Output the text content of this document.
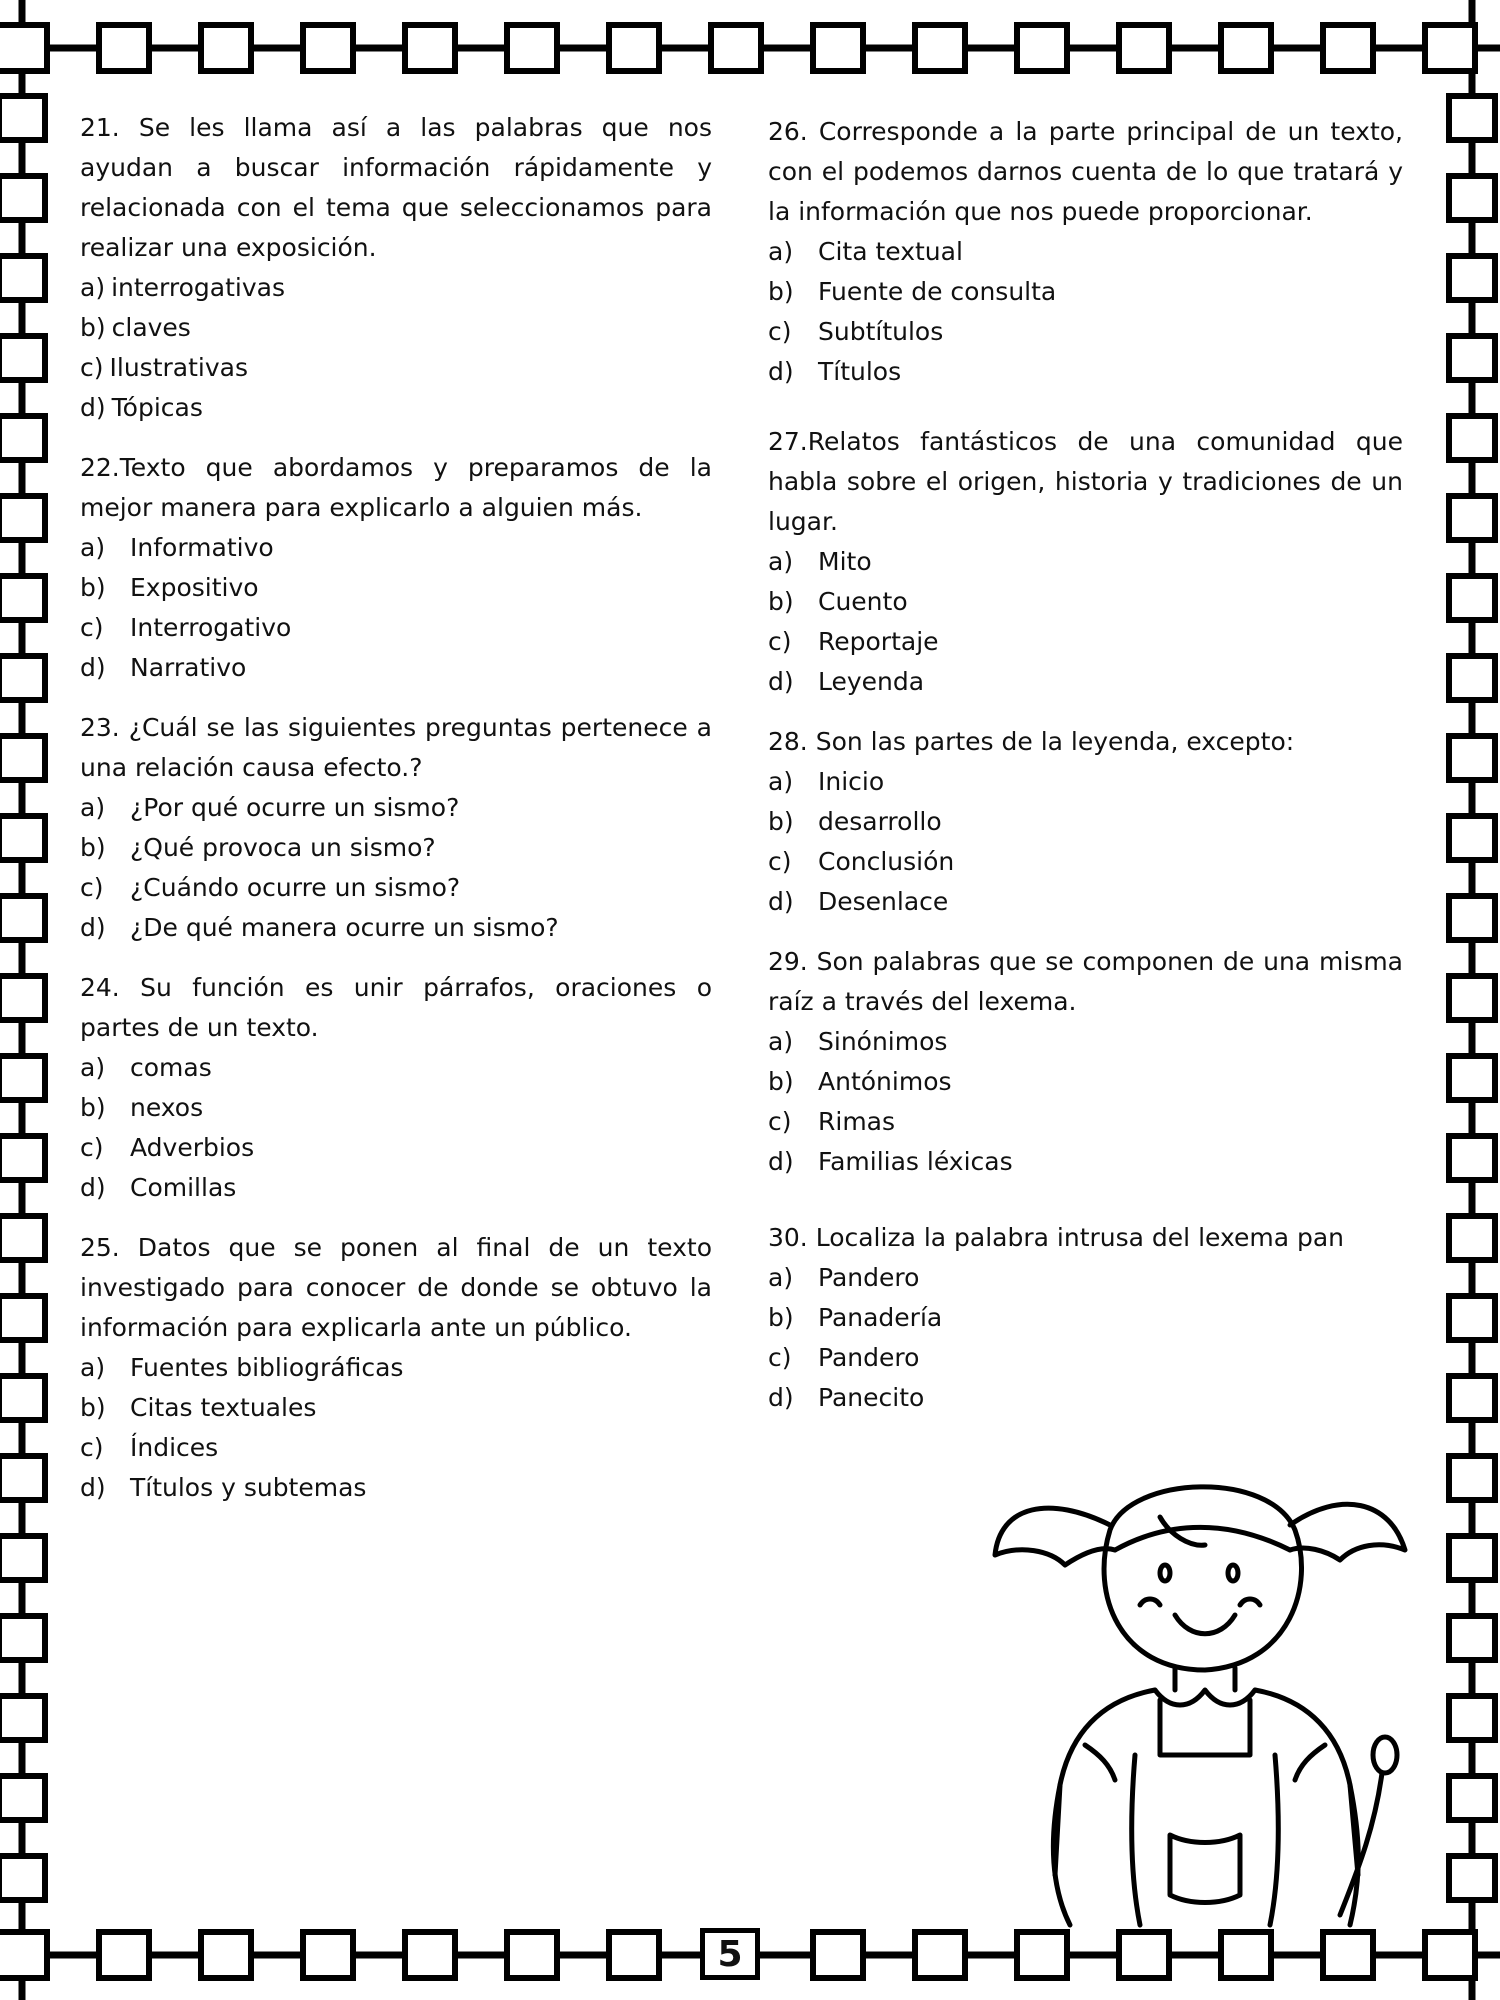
21. Se les llama así a las palabras que nos ayudan a buscar información rápidamente y relacionada con el tema que seleccionamos para realizar una exposición.
a) interrogativas
b) claves
c) Ilustrativas
d) Tópicas
22.Texto que abordamos y preparamos de la mejor manera para explicarlo a alguien más.
a) Informativo
b) Expositivo
c)	Interrogativo
d) Narrativo
23. ¿Cuál se las siguientes preguntas pertenece a una relación causa efecto.?
a) ¿Por qué ocurre un sismo?
b) ¿Qué provoca un sismo?
c)	¿Cuándo ocurre un sismo?
d) ¿De qué manera ocurre un sismo?
24. Su función es unir párrafos, oraciones o partes de un texto.
a) comas
b) nexos
c)	Adverbios
d) Comillas
25. Datos que se ponen al final de un texto investigado para conocer de donde se obtuvo la información para explicarla ante un público.
a) Fuentes bibliográficas
b) Citas textuales
c)	Índices
d) Títulos y subtemas
26. Corresponde a la parte principal de un texto, con el podemos darnos cuenta de lo que tratará y la información que nos puede proporcionar.
a) Cita textual
b) Fuente de consulta
c)	Subtítulos
d) Títulos
27.Relatos fantásticos de una comunidad que habla sobre el origen, historia y tradiciones de un lugar.
a) Mito
b) Cuento
c)	Reportaje
d) Leyenda
28. Son las partes de la leyenda, excepto:
a) Inicio
b) desarrollo
c)	Conclusión
d) Desenlace
29. Son palabras que se componen de una misma raíz a través del lexema.
a) Sinónimos
b) Antónimos
c)	Rimas
d) Familias léxicas
30. Localiza la palabra intrusa del lexema pan
a) Pandero
b) Panadería
c)	Pandero
d) Panecito
5
